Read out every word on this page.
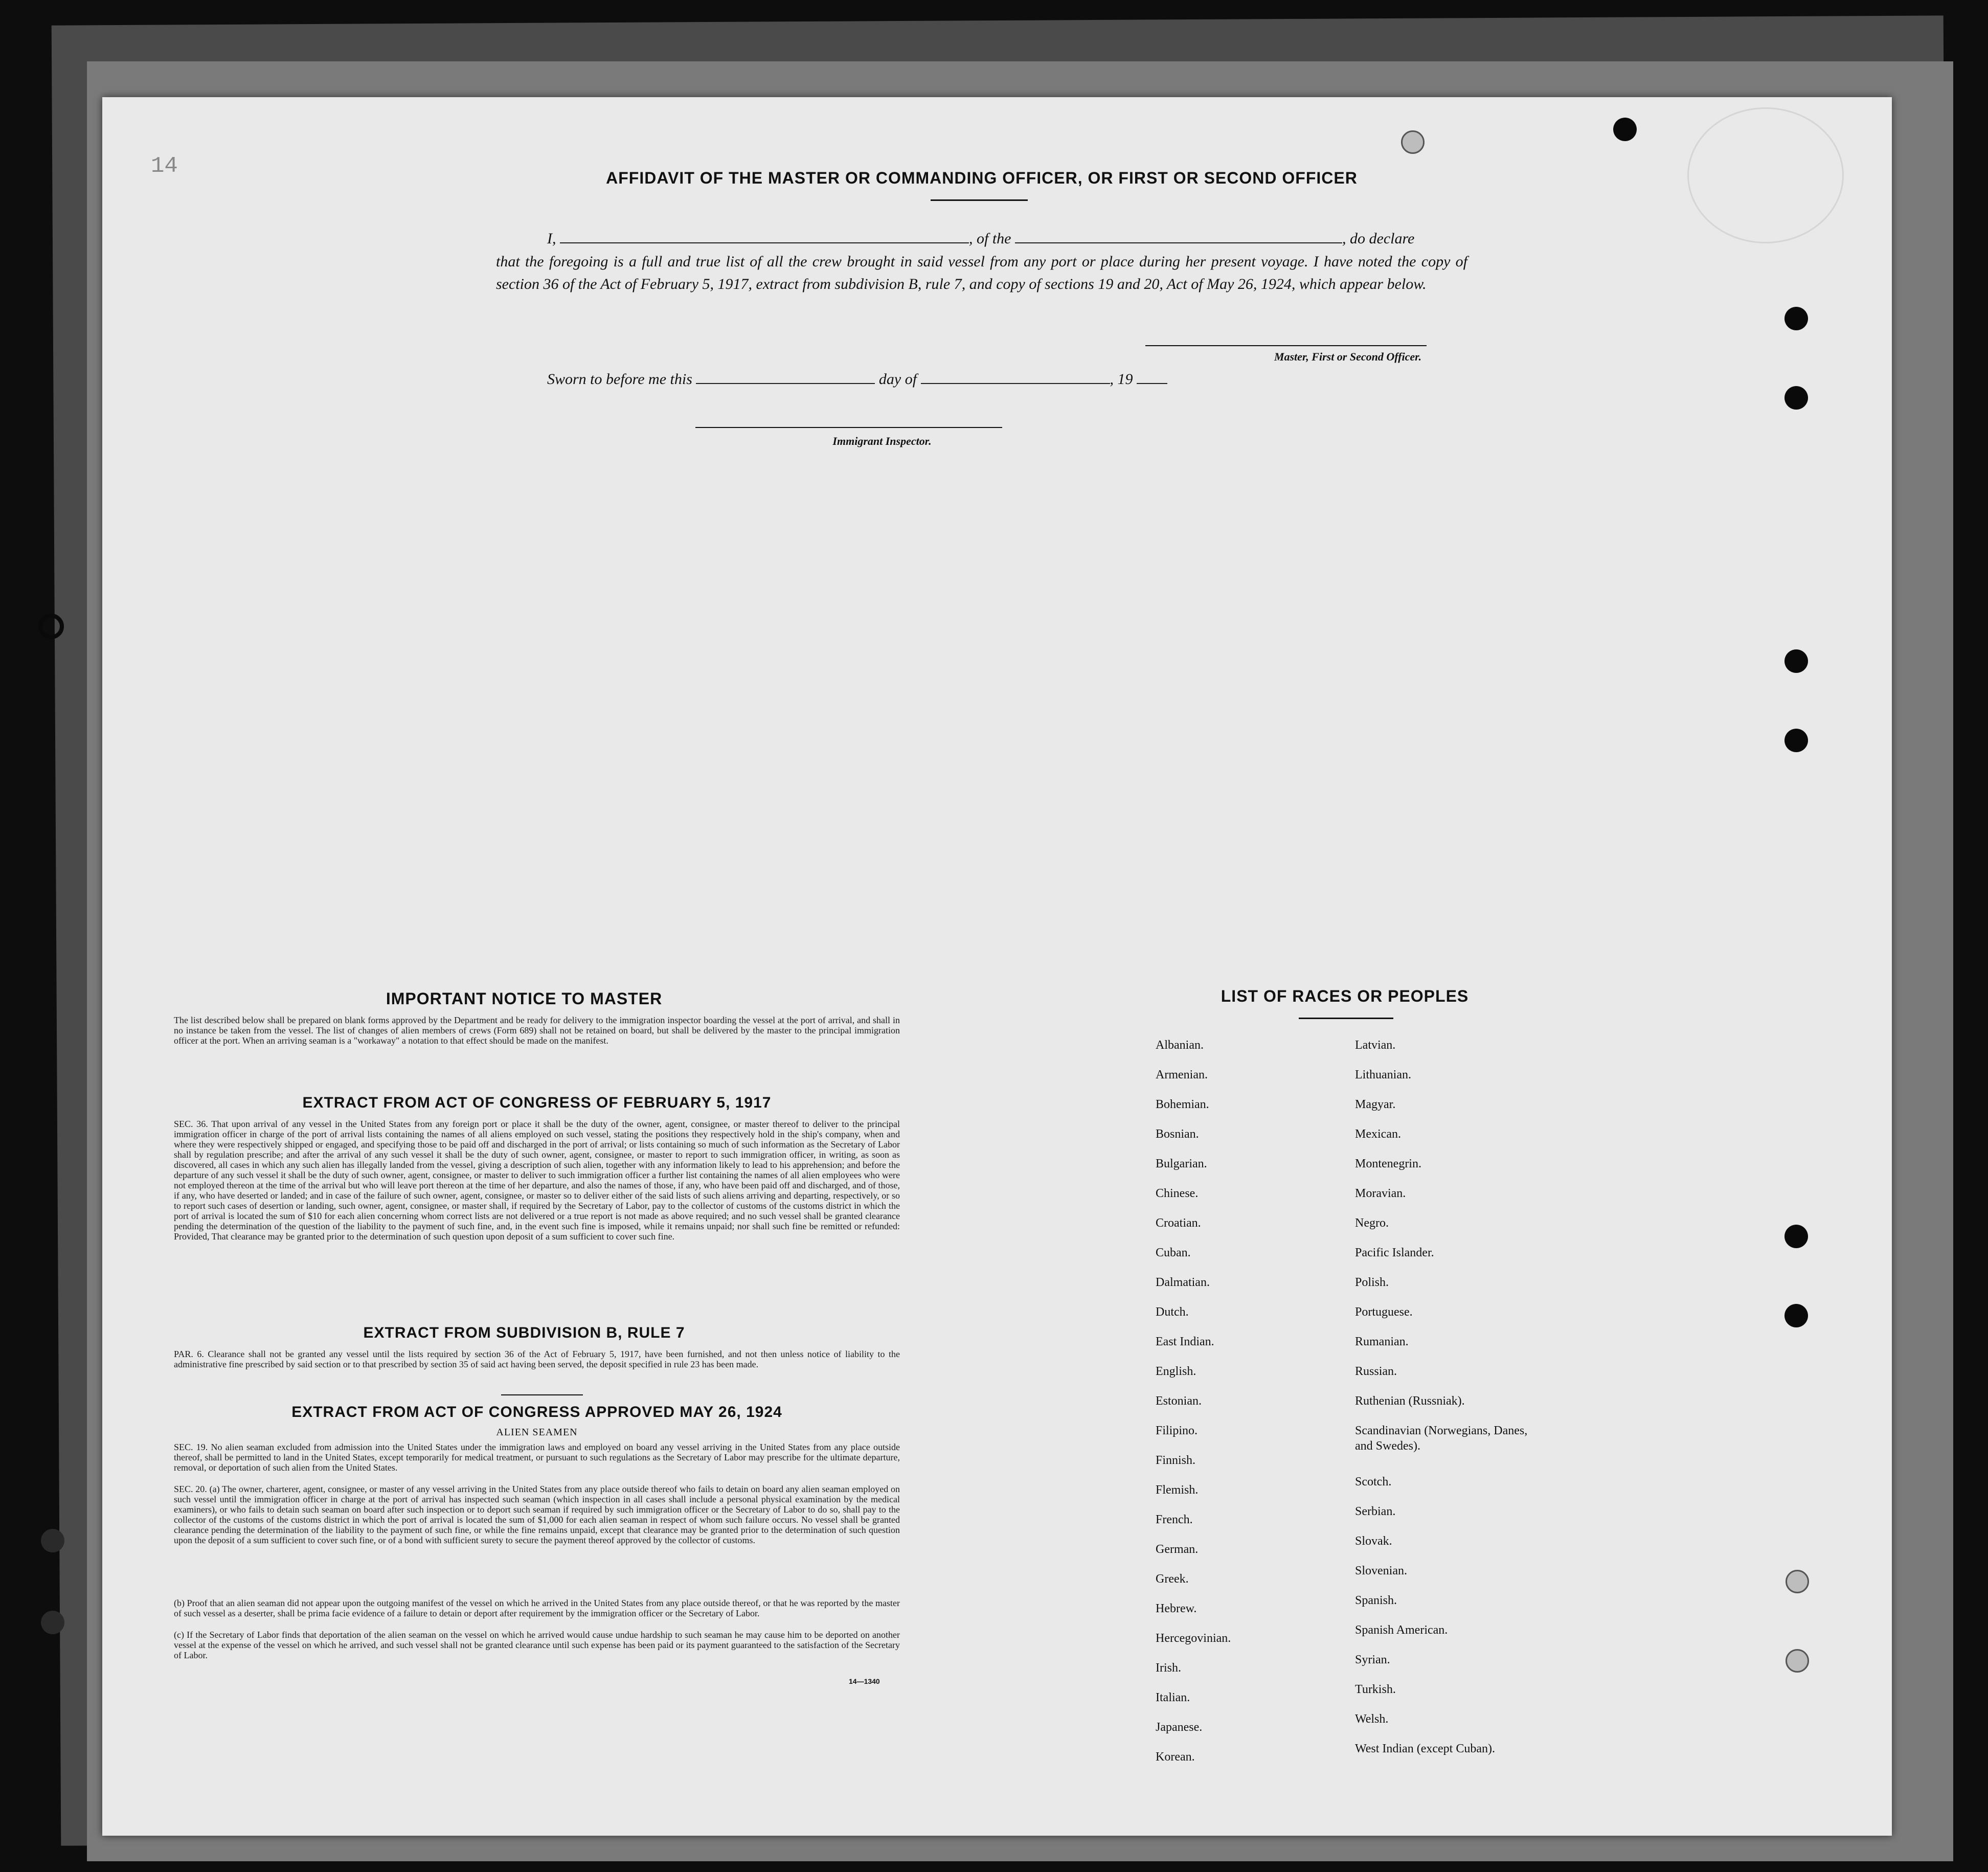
14	AFFIDAVIT OF THE MASTER OR COMMANDING OFFICER, OR FIRST OR SECOND OFFICER
I,	, of the	, do declare
that the foregoing is a full and true list of all the crew brought in said vessel from any port or place during her present voyage. I have noted the copy of section 36 of the Act of February 5, 1917, extract from subdivision B, rule 7, and copy of sections 19 and 20, Act of May 26, 1924, which appear below.
Master, First or Second Officer.
Sworn to before me this	day of	, 19
Immigrant Inspector.
IMPORTANT NOTICE TO MASTER
The list described below shall be prepared on blank forms approved by the Department and be ready for delivery to the immigration inspector boarding the vessel at the port of arrival, and shall in no instance be taken from the vessel. The list of changes of alien members of crews (Form 689) shall not be retained on board, but shall be delivered by the master to the principal immigration officer at the port. When an arriving seaman is a "workaway" a notation to that effect should be made on the manifest.
EXTRACT FROM ACT OF CONGRESS OF FEBRUARY 5, 1917
SEC. 36. That upon arrival of any vessel in the United States from any foreign port or place it shall be the duty of the owner, agent, consignee, or master thereof to deliver to the principal immigration officer in charge of the port of arrival lists containing the names of all aliens employed on such vessel, stating the positions they respectively hold in the ship's company, when and where they were respectively shipped or engaged, and specifying those to be paid off and discharged in the port of arrival; or lists containing so much of such information as the Secretary of Labor shall by regulation prescribe; and after the arrival of any such vessel it shall be the duty of such owner, agent, consignee, or master to report to such immigration officer, in writing, as soon as discovered, all cases in which any such alien has illegally landed from the vessel, giving a description of such alien, together with any information likely to lead to his apprehension; and before the departure of any such vessel it shall be the duty of such owner, agent, consignee, or master to deliver to such immigration officer a further list containing the names of all alien employees who were not employed thereon at the time of the arrival but who will leave port thereon at the time of her departure, and also the names of those, if any, who have been paid off and discharged, and of those, if any, who have deserted or landed; and in case of the failure of such owner, agent, consignee, or master so to deliver either of the said lists of such aliens arriving and departing, respectively, or so to report such cases of desertion or landing, such owner, agent, consignee, or master shall, if required by the Secretary of Labor, pay to the collector of customs of the customs district in which the port of arrival is located the sum of $10 for each alien concerning whom correct lists are not delivered or a true report is not made as above required; and no such vessel shall be granted clearance pending the determination of the question of the liability to the payment of such fine, and, in the event such fine is imposed, while it remains unpaid; nor shall such fine be remitted or refunded: Provided, That clearance may be granted prior to the determination of such question upon deposit of a sum sufficient to cover such fine.
EXTRACT FROM SUBDIVISION B, RULE 7
PAR. 6. Clearance shall not be granted any vessel until the lists required by section 36 of the Act of February 5, 1917, have been furnished, and not then unless notice of liability to the administrative fine prescribed by said section or to that prescribed by section 35 of said act having been served, the deposit specified in rule 23 has been made.
EXTRACT FROM ACT OF CONGRESS APPROVED MAY 26, 1924
ALIEN SEAMEN
SEC. 19. No alien seaman excluded from admission into the United States under the immigration laws and employed on board any vessel arriving in the United States from any place outside thereof, shall be permitted to land in the United States, except temporarily for medical treatment, or pursuant to such regulations as the Secretary of Labor may prescribe for the ultimate departure, removal, or deportation of such alien from the United States.
SEC. 20. (a) The owner, charterer, agent, consignee, or master of any vessel arriving in the United States from any place outside thereof who fails to detain on board any alien seaman employed on such vessel until the immigration officer in charge at the port of arrival has inspected such seaman (which inspection in all cases shall include a personal physical examination by the medical examiners), or who fails to detain such seaman on board after such inspection or to deport such seaman if required by such immigration officer or the Secretary of Labor to do so, shall pay to the collector of the customs of the customs district in which the port of arrival is located the sum of $1,000 for each alien seaman in respect of whom such failure occurs. No vessel shall be granted clearance pending the determination of the liability to the payment of such fine, or while the fine remains unpaid, except that clearance may be granted prior to the determination of such question upon the deposit of a sum sufficient to cover such fine, or of a bond with sufficient surety to secure the payment thereof approved by the collector of customs.
(b) Proof that an alien seaman did not appear upon the outgoing manifest of the vessel on which he arrived in the United States from any place outside thereof, or that he was reported by the master of such vessel as a deserter, shall be prima facie evidence of a failure to detain or deport after requirement by the immigration officer or the Secretary of Labor.
(c) If the Secretary of Labor finds that deportation of the alien seaman on the vessel on which he arrived would cause undue hardship to such seaman he may cause him to be deported on another vessel at the expense of the vessel on which he arrived, and such vessel shall not be granted clearance until such expense has been paid or its payment guaranteed to the satisfaction of the Secretary of Labor.
14—1340
LIST OF RACES OR PEOPLES
Albanian.
Armenian.
Bohemian.
Bosnian.
Bulgarian.
Chinese.
Croatian.
Cuban.
Dalmatian.
Dutch.
East Indian.
English.
Estonian.
Filipino.
Finnish.
Flemish.
French.
German.
Greek.
Hebrew.
Hercegovinian.
Irish.
Italian.
Japanese.
Korean.
Latvian.
Lithuanian.
Magyar.
Mexican.
Montenegrin.
Moravian.
Negro.
Pacific Islander.
Polish.
Portuguese.
Rumanian.
Russian.
Ruthenian (Russniak).
Scandinavian (Norwegians, Danes, and Swedes).
Scotch.
Serbian.
Slovak.
Slovenian.
Spanish.
Spanish American.
Syrian.
Turkish.
Welsh.
West Indian (except Cuban).
